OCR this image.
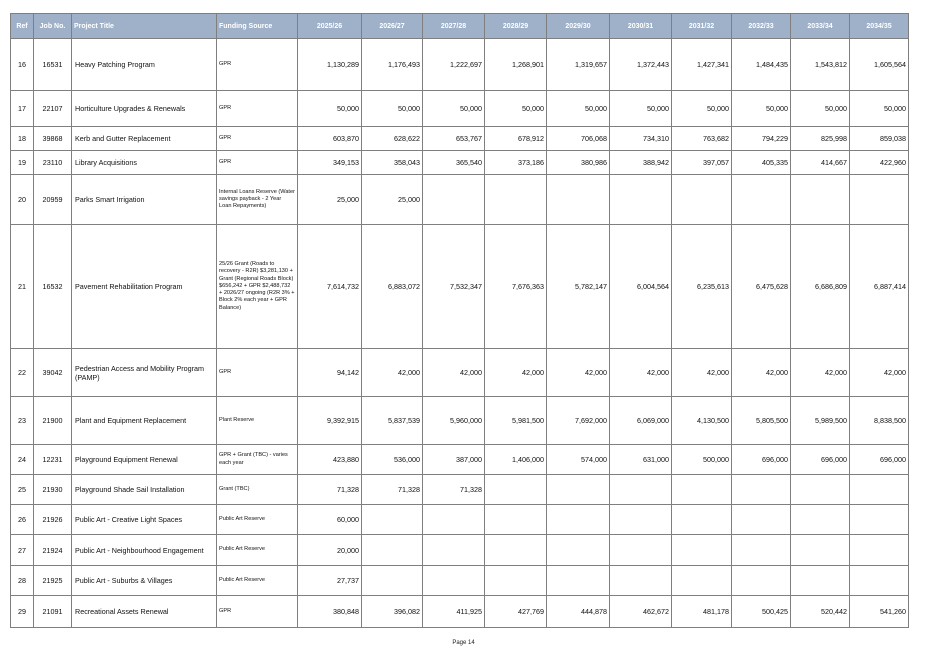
Ref	Job No.	Project Title	Funding Source	2025/26	2026/27	2027/28	2028/29	2029/30	2030/31	2031/32	2032/33	2033/34	2034/35
16	16531	Heavy Patching Program	GPR	1,130,289	1,176,493	1,222,697	1,268,901	1,319,657	1,372,443	1,427,341	1,484,435	1,543,812	1,605,564
17	22107	Horticulture Upgrades & Renewals	GPR	50,000	50,000	50,000	50,000	50,000	50,000	50,000	50,000	50,000	50,000
18	39868	Kerb and Gutter Replacement	GPR	603,870	628,622	653,767	678,912	706,068	734,310	763,682	794,229	825,998	859,038
19	23110	Library Acquisitions	GPR	349,153	358,043	365,540	373,186	380,986	388,942	397,057	405,335	414,667	422,960
20	20959	Parks Smart Irrigation	Internal Loans Reserve (Water savings payback - 2 Year Loan Repayments)	25,000	25,000								
21	16532	Pavement Rehabilitation Program	25/26 Grant (Roads to recovery - R2R) $3,281,130 + Grant (Regional Roads Block) $656,242 + GPR $2,488,732 + 2026/27 ongoing (R2R 3% + Block 2% each year + GPR Balance)	7,614,732	6,883,072	7,532,347	7,676,363	5,782,147	6,004,564	6,235,613	6,475,628	6,686,809	6,887,414
22	39042	Pedestrian Access and Mobility Program (PAMP)	GPR	94,142	42,000	42,000	42,000	42,000	42,000	42,000	42,000	42,000	42,000
23	21900	Plant and Equipment Replacement	Plant Reserve	9,392,915	5,837,539	5,960,000	5,981,500	7,692,000	6,069,000	4,130,500	5,805,500	5,989,500	8,838,500
24	12231	Playground Equipment Renewal	GPR + Grant (TBC) - varies each year	423,880	536,000	387,000	1,406,000	574,000	631,000	500,000	696,000	696,000	696,000
25	21930	Playground Shade Sail Installation	Grant (TBC)	71,328	71,328	71,328							
26	21926	Public Art - Creative Light Spaces	Public Art Reserve	60,000									
27	21924	Public Art - Neighbourhood Engagement	Public Art Reserve	20,000									
28	21925	Public Art - Suburbs & Villages	Public Art Reserve	27,737									
29	21091	Recreational Assets Renewal	GPR	380,848	396,082	411,925	427,769	444,878	462,672	481,178	500,425	520,442	541,260
Page 14
